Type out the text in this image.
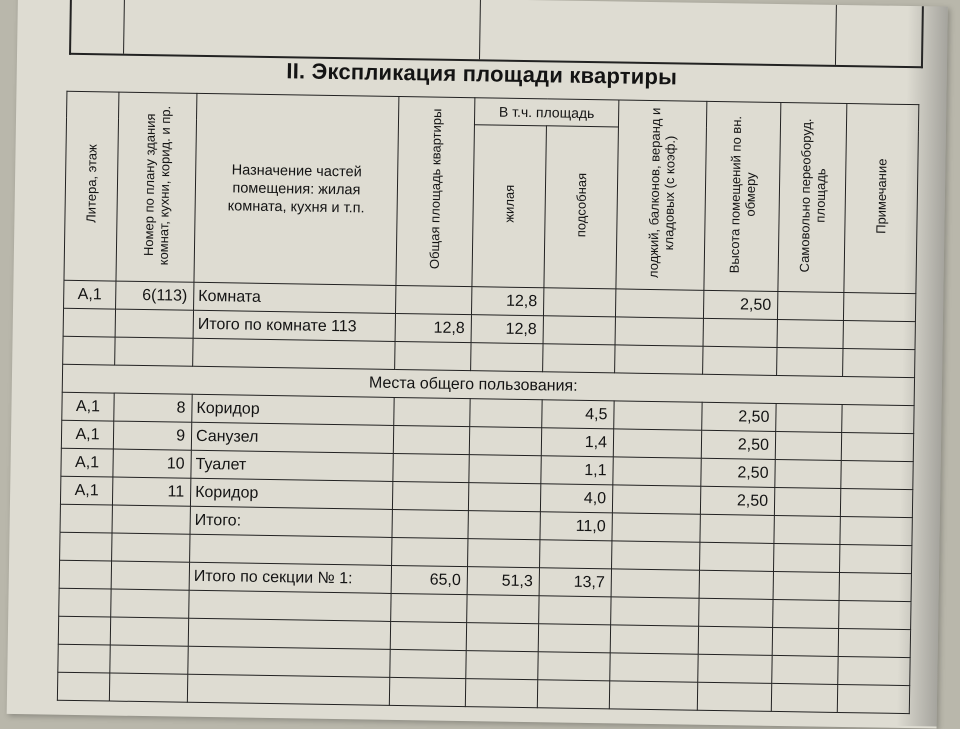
II. Экспликация площади квартиры
Литера, этаж	Номер по плану здания комнат, кухни, корид. и пр.	Назначение частей помещения: жилая комната, кухня и т.п.	Общая площадь квартиры	В т.ч. площадь		лоджий, балконов, веранд и кладовых (с коэф.)	Высота помещений по вн. обмеру	Самовольно переоборуд. площадь	Примечание
				жилая	подсобная				
А,1	6(113)	Комната		12,8			2,50		
		Итого по комнате 113	12,8	12,8					

Места общего пользования:									
А,1	8	Коридор			4,5		2,50		
А,1	9	Санузел			1,4		2,50		
А,1	10	Туалет			1,1		2,50		
А,1	11	Коридор			4,0		2,50		
		Итого:			11,0				

		Итого по секции № 1:	65,0	51,3	13,7				
